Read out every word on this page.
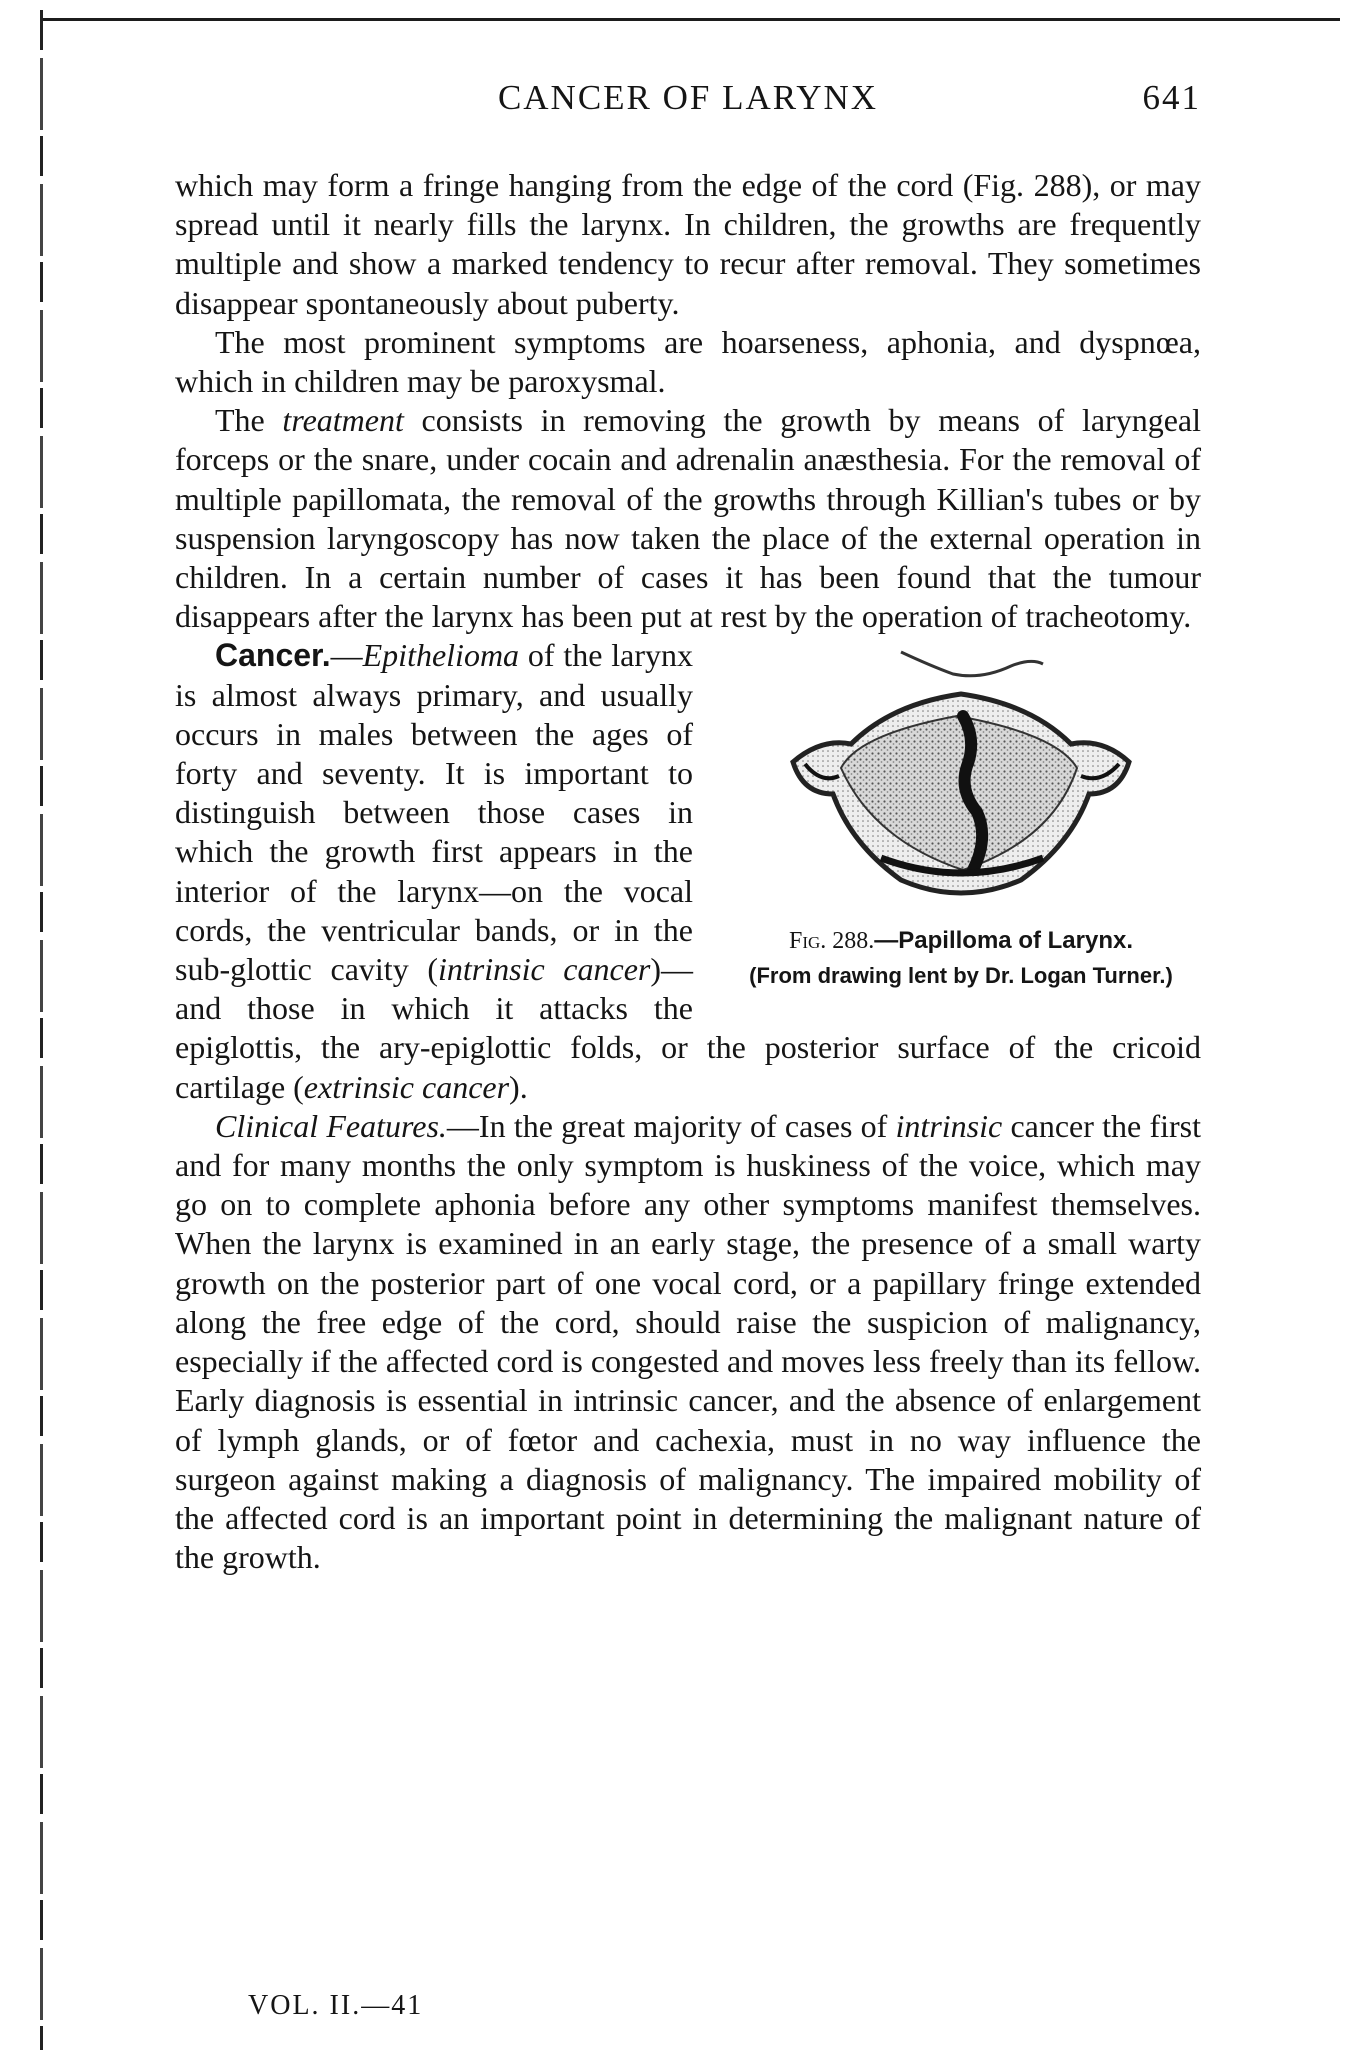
CANCER OF LARYNX	641

which may form a fringe hanging from the edge of the cord (Fig. 288), or may spread until it nearly fills the larynx. In children, the growths are frequently multiple and show a marked tendency to recur after removal. They sometimes disappear spontaneously about puberty.

The most prominent symptoms are hoarseness, aphonia, and dyspnœa, which in children may be paroxysmal.

The treatment consists in removing the growth by means of laryngeal forceps or the snare, under cocain and adrenalin anæsthesia. For the removal of multiple papillomata, the removal of the growths through Killian's tubes or by suspension laryngoscopy has now taken the place of the external operation in children. In a certain number of cases it has been found that the tumour disappears after the larynx has been put at rest by the operation of tracheotomy.

Fig. 288.—Papilloma of Larynx.
(From drawing lent by Dr. Logan Turner.)

Cancer.—Epithelioma of the larynx is almost always primary, and usually occurs in males between the ages of forty and seventy. It is important to distinguish between those cases in which the growth first appears in the interior of the larynx—on the vocal cords, the ventricular bands, or in the sub-glottic cavity (intrinsic cancer)—and those in which it attacks the epiglottis, the ary-epiglottic folds, or the posterior surface of the cricoid cartilage (extrinsic cancer).

Clinical Features.—In the great majority of cases of intrinsic cancer the first and for many months the only symptom is huskiness of the voice, which may go on to complete aphonia before any other symptoms manifest themselves. When the larynx is examined in an early stage, the presence of a small warty growth on the posterior part of one vocal cord, or a papillary fringe extended along the free edge of the cord, should raise the suspicion of malignancy, especially if the affected cord is congested and moves less freely than its fellow. Early diagnosis is essential in intrinsic cancer, and the absence of enlargement of lymph glands, or of fœtor and cachexia, must in no way influence the surgeon against making a diagnosis of malignancy. The impaired mobility of the affected cord is an important point in determining the malignant nature of the growth.

VOL. II.—41
